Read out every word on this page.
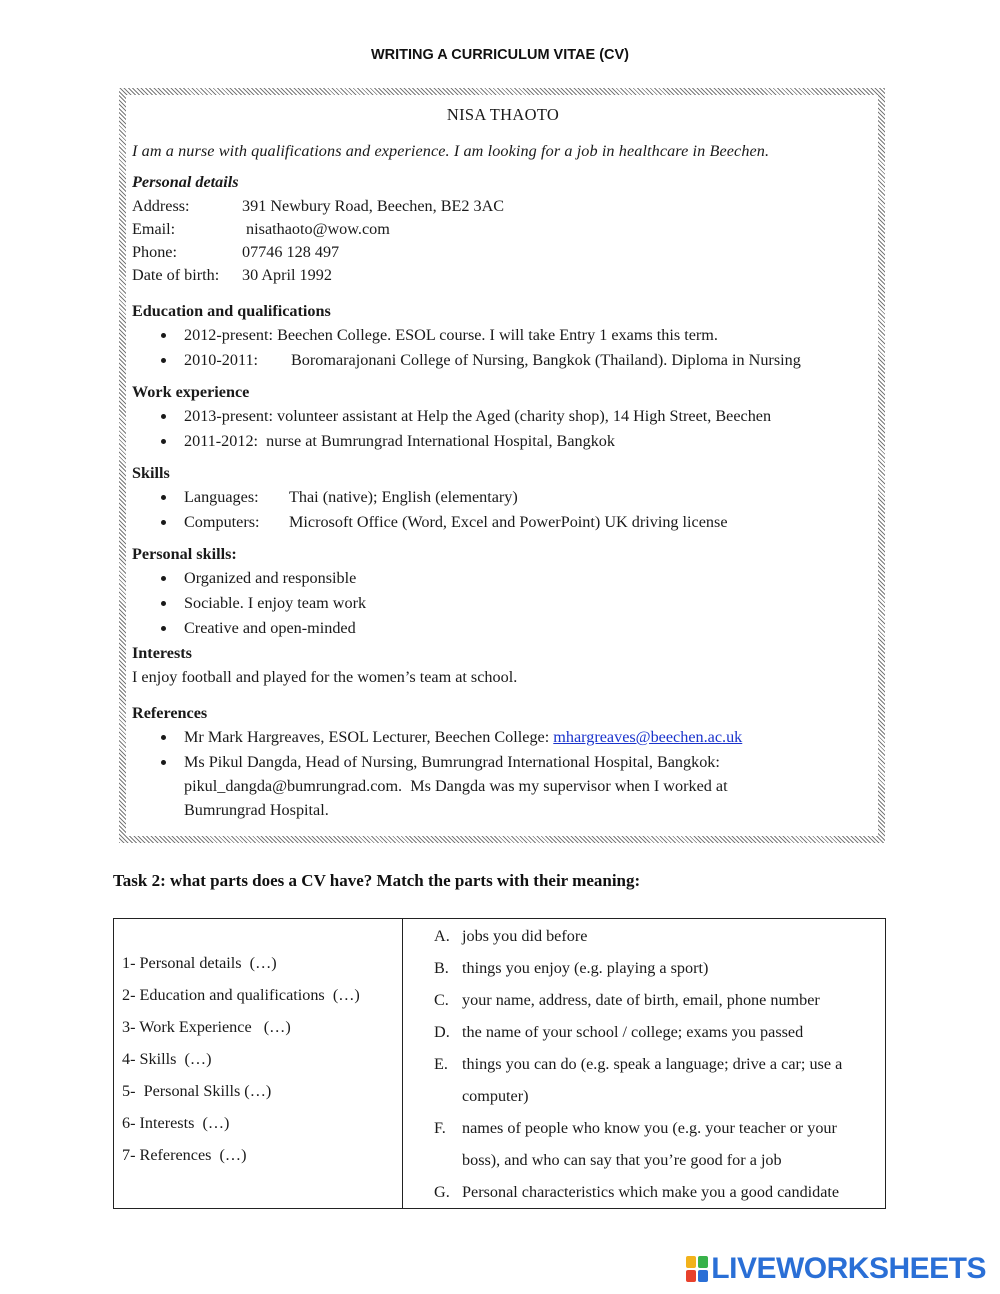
WRITING A CURRICULUM VITAE (CV)
NISA THAOTO
I am a nurse with qualifications and experience. I am looking for a job in healthcare in Beechen.
Personal details
Address:	391 Newbury Road, Beechen, BE2 3AC
Email:	nisathaoto@wow.com
Phone:	07746 128 497
Date of birth: 30 April 1992
Education and qualifications
2012-present: Beechen College. ESOL course. I will take Entry 1 exams this term.
2010-2011: Boromarajonani College of Nursing, Bangkok (Thailand). Diploma in Nursing
Work experience
2013-present: volunteer assistant at Help the Aged (charity shop), 14 High Street, Beechen
2011-2012:  nurse at Bumrungrad International Hospital, Bangkok
Skills
Languages: Thai (native); English (elementary)
Computers: Microsoft Office (Word, Excel and PowerPoint) UK driving license
Personal skills:
Organized and responsible
Sociable. I enjoy team work
Creative and open-minded
Interests
I enjoy football and played for the women’s team at school.
References
Mr Mark Hargreaves, ESOL Lecturer, Beechen College: mhargreaves@beechen.ac.uk
Ms Pikul Dangda, Head of Nursing, Bumrungrad International Hospital, Bangkok: pikul_dangda@bumrungrad.com.  Ms Dangda was my supervisor when I worked at Bumrungrad Hospital.
Task 2: what parts does a CV have? Match the parts with their meaning:
1- Personal details  (…)
2- Education and qualifications  (…)
3- Work Experience   (…)
4- Skills  (…)
5-  Personal Skills (…)
6- Interests  (…)
7- References  (…)
A. jobs you did before
B. things you enjoy (e.g. playing a sport)
C. your name, address, date of birth, email, phone number
D. the name of your school / college; exams you passed
E. things you can do (e.g. speak a language; drive a car; use a computer)
F.	names of people who know you (e.g. your teacher or your boss), and who can say that you’re good for a job
G. Personal characteristics which make you a good candidate
LIVEWORKSHEETS
